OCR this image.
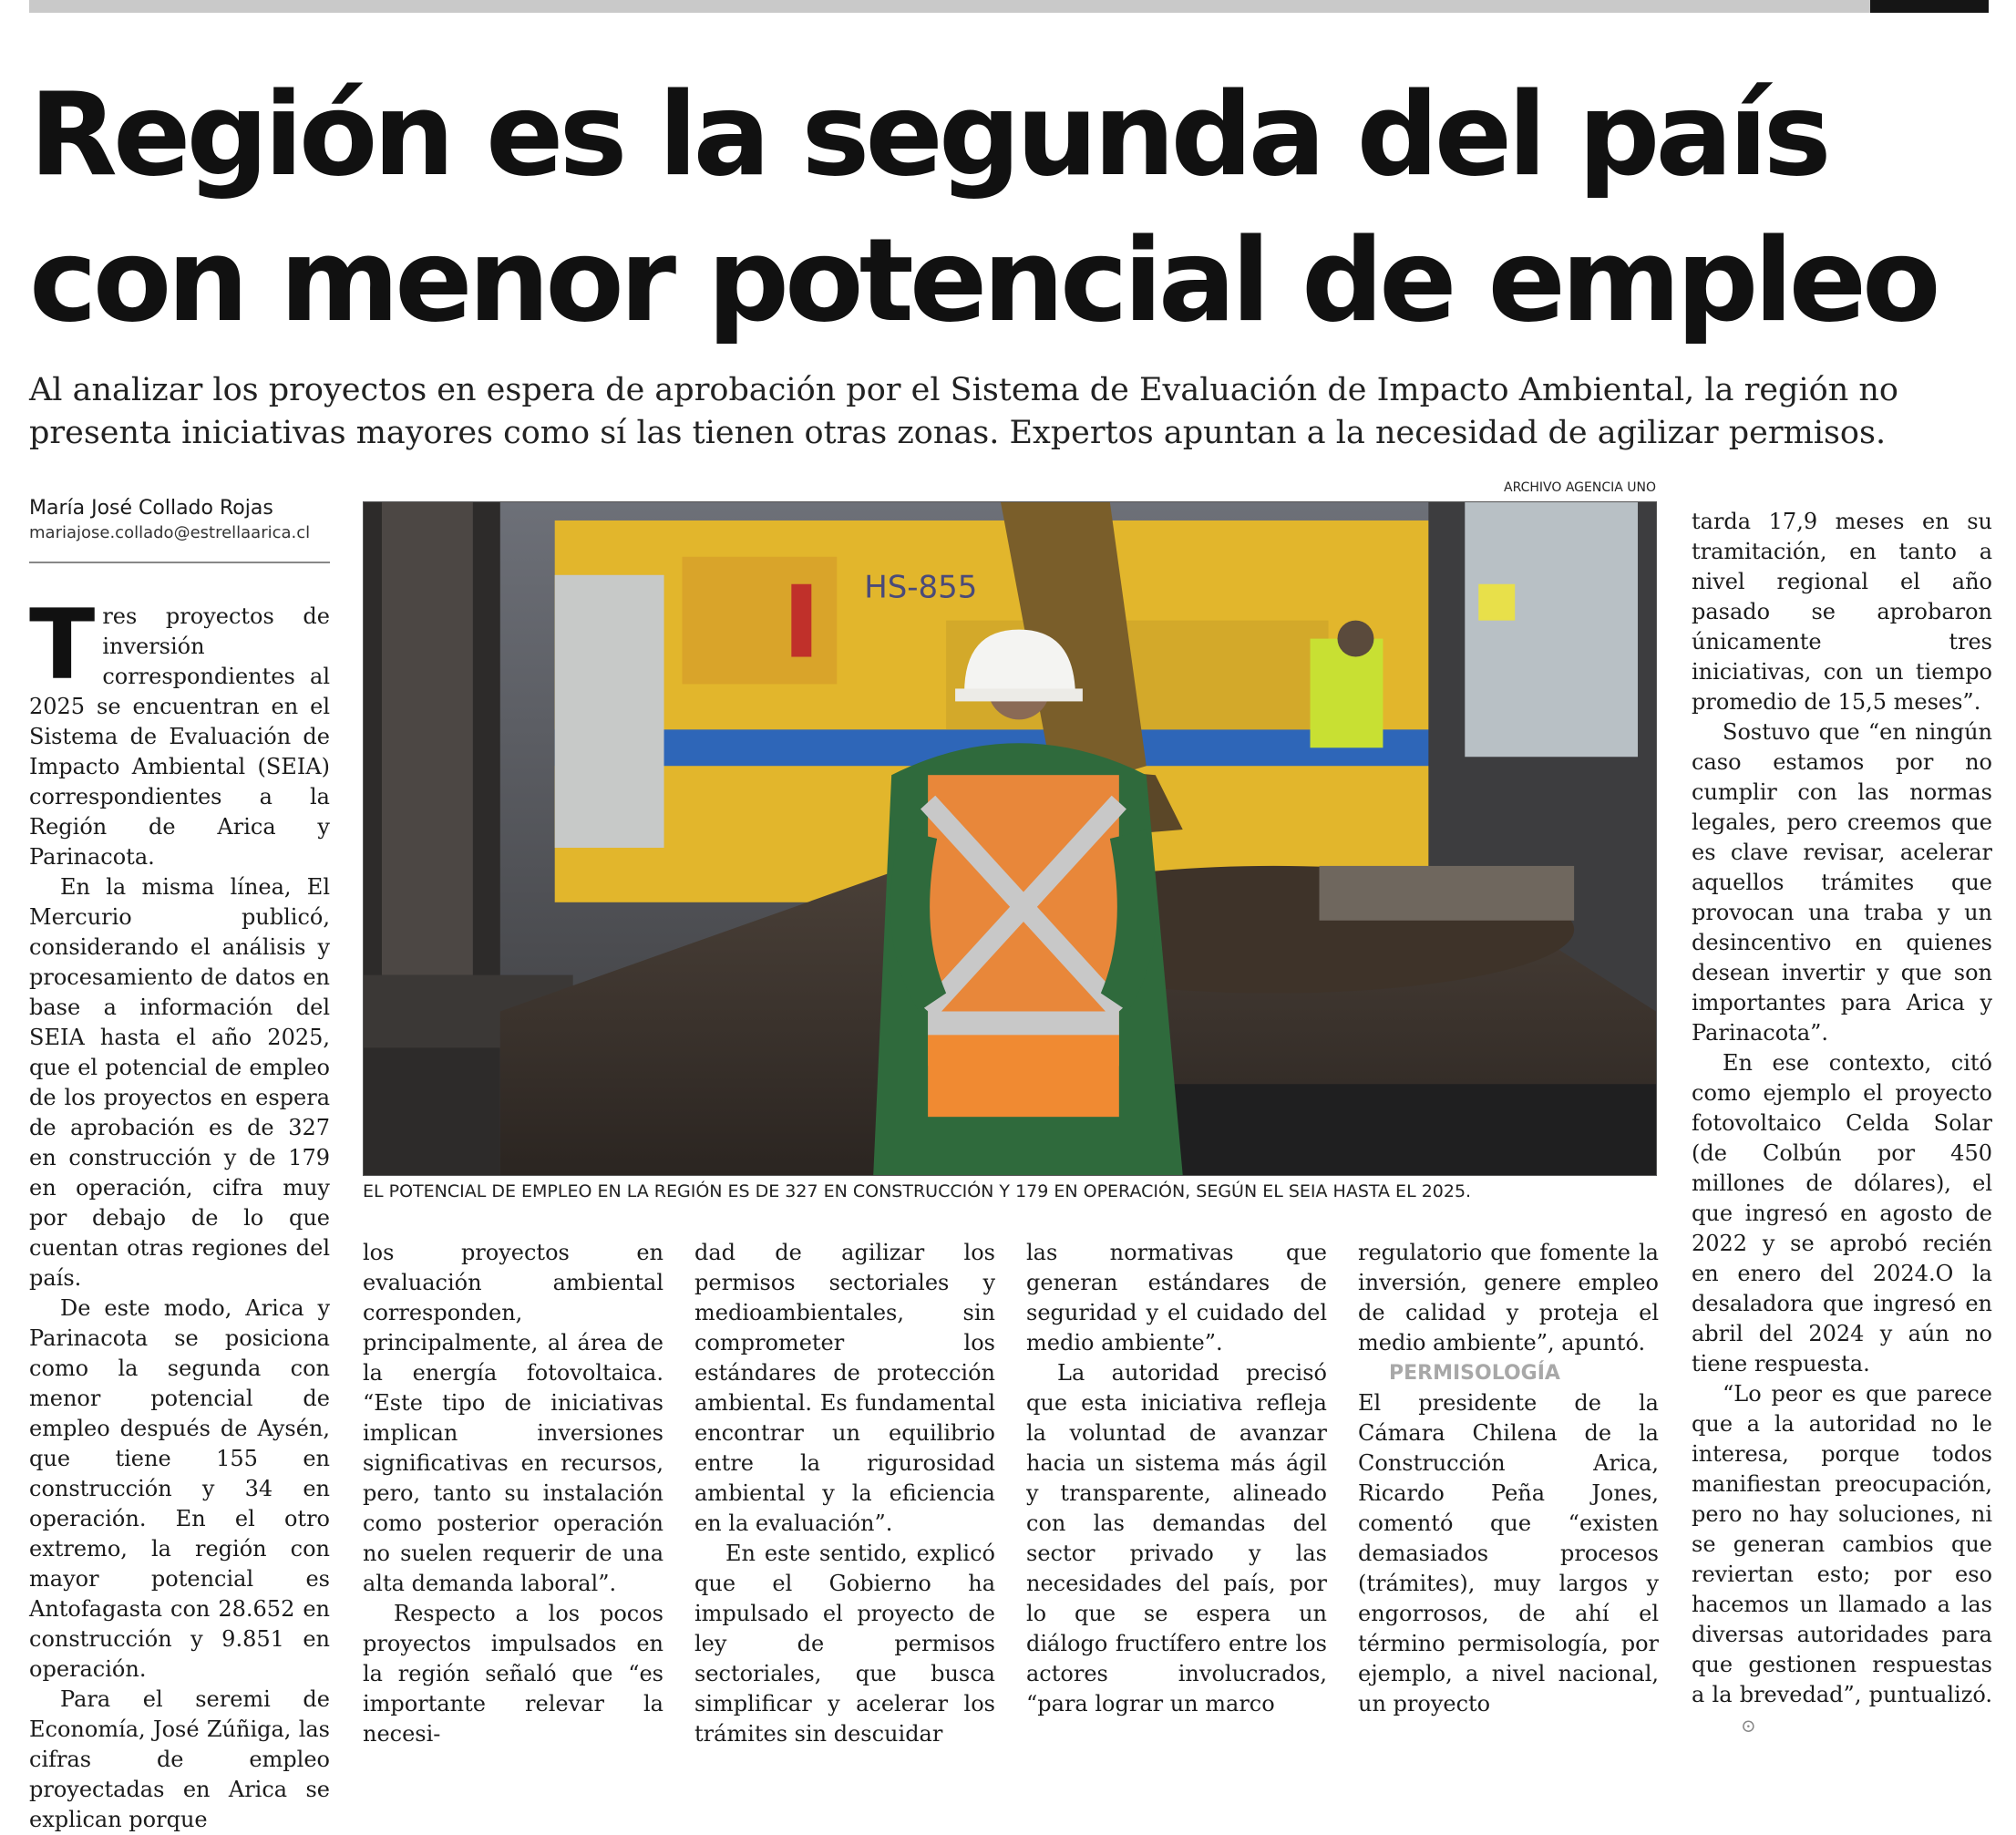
Región es la segunda del país
con menor potencial de empleo

Al analizar los proyectos en espera de aprobación por el Sistema de Evaluación de Impacto Ambiental, la región no presenta iniciativas mayores como sí las tienen otras zonas. Expertos apuntan a la necesidad de agilizar permisos.

María José Collado Rojas
mariajose.collado@estrellaarica.cl
ARCHIVO AGENCIA UNO
HS-855
EL POTENCIAL DE EMPLEO EN LA REGIÓN ES DE 327 EN CONSTRUCCIÓN Y 179 EN OPERACIÓN, SEGÚN EL SEIA HASTA EL 2025.

Tres proyectos de inversión correspondientes al 2025 se encuentran en el Sistema de Evaluación de Impacto Ambiental (SEIA) correspondientes a la Región de Arica y Parinacota.

En la misma línea, El Mercurio publicó, considerando el análisis y procesamiento de datos en base a información del SEIA hasta el año 2025, que el potencial de empleo de los proyectos en espera de aprobación es de 327 en construcción y de 179 en operación, cifra muy por debajo de lo que cuentan otras regiones del país.

De este modo, Arica y Parinacota se posiciona como la segunda con menor potencial de empleo después de Aysén, que tiene 155 en construcción y 34 en operación. En el otro extremo, la región con mayor potencial es Antofagasta con 28.652 en construcción y 9.851 en operación.

Para el seremi de Economía, José Zúñiga, las cifras de empleo proyectadas en Arica se explican porque

los proyectos en evaluación ambiental corresponden, principalmente, al área de la energía fotovoltaica. “Este tipo de iniciativas implican inversiones significativas en recursos, pero, tanto su instalación como posterior operación no suelen requerir de una alta demanda laboral”.

Respecto a los pocos proyectos impulsados en la región señaló que “es importante relevar la necesi-

dad de agilizar los permisos sectoriales y medioambientales, sin comprometer los estándares de protección ambiental. Es fundamental encontrar un equilibrio entre la rigurosidad ambiental y la eficiencia en la evaluación”.

En este sentido, explicó que el Gobierno ha impulsado el proyecto de ley de permisos sectoriales, que busca simplificar y acelerar los trámites sin descuidar

las normativas que generan estándares de seguridad y el cuidado del medio ambiente”.

La autoridad precisó que esta iniciativa refleja la voluntad de avanzar hacia un sistema más ágil y transparente, alineado con las demandas del sector privado y las necesidades del país, por lo que se espera un diálogo fructífero entre los actores involucrados, “para lograr un marco

regulatorio que fomente la inversión, genere empleo de calidad y proteja el medio ambiente”, apuntó.

PERMISOLOGÍA

El presidente de la Cámara Chilena de la Construcción Arica, Ricardo Peña Jones, comentó que “existen demasiados procesos (trámites), muy largos y engorrosos, de ahí el término permisología, por ejemplo, a nivel nacional, un proyecto

tarda 17,9 meses en su tramitación, en tanto a nivel regional el año pasado se aprobaron únicamente tres iniciativas, con un tiempo promedio de 15,5 meses”.

Sostuvo que “en ningún caso estamos por no cumplir con las normas legales, pero creemos que es clave revisar, acelerar aquellos trámites que provocan una traba y un desincentivo en quienes desean invertir y que son importantes para Arica y Parinacota”.

En ese contexto, citó como ejemplo el proyecto fotovoltaico Celda Solar (de Colbún por 450 millones de dólares), el que ingresó en agosto de 2022 y se aprobó recién en enero del 2024.O la desaladora que ingresó en abril del 2024 y aún no tiene respuesta.

“Lo peor es que parece que a la autoridad no le interesa, porque todos manifiestan preocupación, pero no hay soluciones, ni se generan cambios que reviertan esto; por eso hacemos un llamado a las diversas autoridades para que gestionen respuestas a la brevedad”, puntualizó.⊙
